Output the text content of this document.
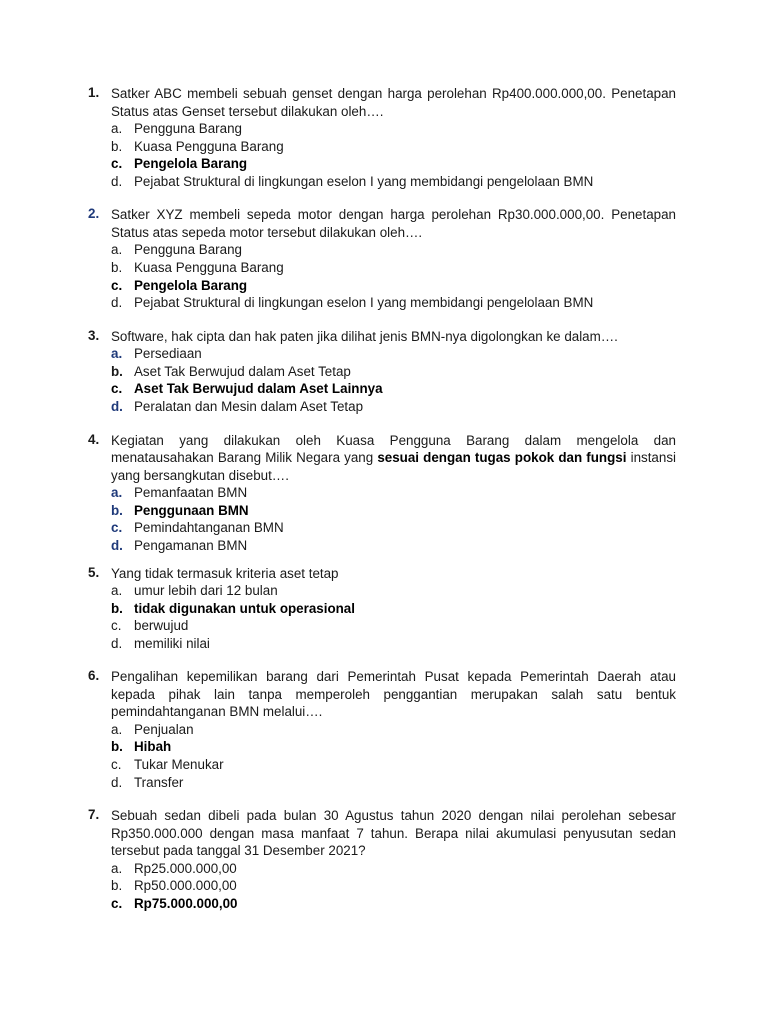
1. Satker ABC membeli sebuah genset dengan harga perolehan Rp400.000.000,00. Penetapan Status atas Genset tersebut dilakukan oleh….
a. Pengguna Barang
b. Kuasa Pengguna Barang
c. Pengelola Barang
d. Pejabat Struktural di lingkungan eselon I yang membidangi pengelolaan BMN
2. Satker XYZ membeli sepeda motor dengan harga perolehan Rp30.000.000,00. Penetapan Status atas sepeda motor tersebut dilakukan oleh….
a. Pengguna Barang
b. Kuasa Pengguna Barang
c. Pengelola Barang
d. Pejabat Struktural di lingkungan eselon I yang membidangi pengelolaan BMN
3. Software, hak cipta dan hak paten jika dilihat jenis BMN-nya digolongkan ke dalam….
a. Persediaan
b. Aset Tak Berwujud dalam Aset Tetap
c. Aset Tak Berwujud dalam Aset Lainnya
d. Peralatan dan Mesin dalam Aset Tetap
4. Kegiatan yang dilakukan oleh Kuasa Pengguna Barang dalam mengelola dan menatausahakan Barang Milik Negara yang sesuai dengan tugas pokok dan fungsi instansi yang bersangkutan disebut….
a. Pemanfaatan BMN
b. Penggunaan BMN
c. Pemindahtanganan BMN
d. Pengamanan BMN
5. Yang tidak termasuk kriteria aset tetap
a. umur lebih dari 12 bulan
b. tidak digunakan untuk operasional
c. berwujud
d. memiliki nilai
6. Pengalihan kepemilikan barang dari Pemerintah Pusat kepada Pemerintah Daerah atau kepada pihak lain tanpa memperoleh penggantian merupakan salah satu bentuk pemindahtanganan BMN melalui….
a. Penjualan
b. Hibah
c. Tukar Menukar
d. Transfer
7. Sebuah sedan dibeli pada bulan 30 Agustus tahun 2020 dengan nilai perolehan sebesar Rp350.000.000 dengan masa manfaat 7 tahun. Berapa nilai akumulasi penyusutan sedan tersebut pada tanggal 31 Desember 2021?
a. Rp25.000.000,00
b. Rp50.000.000,00
c. Rp75.000.000,00
